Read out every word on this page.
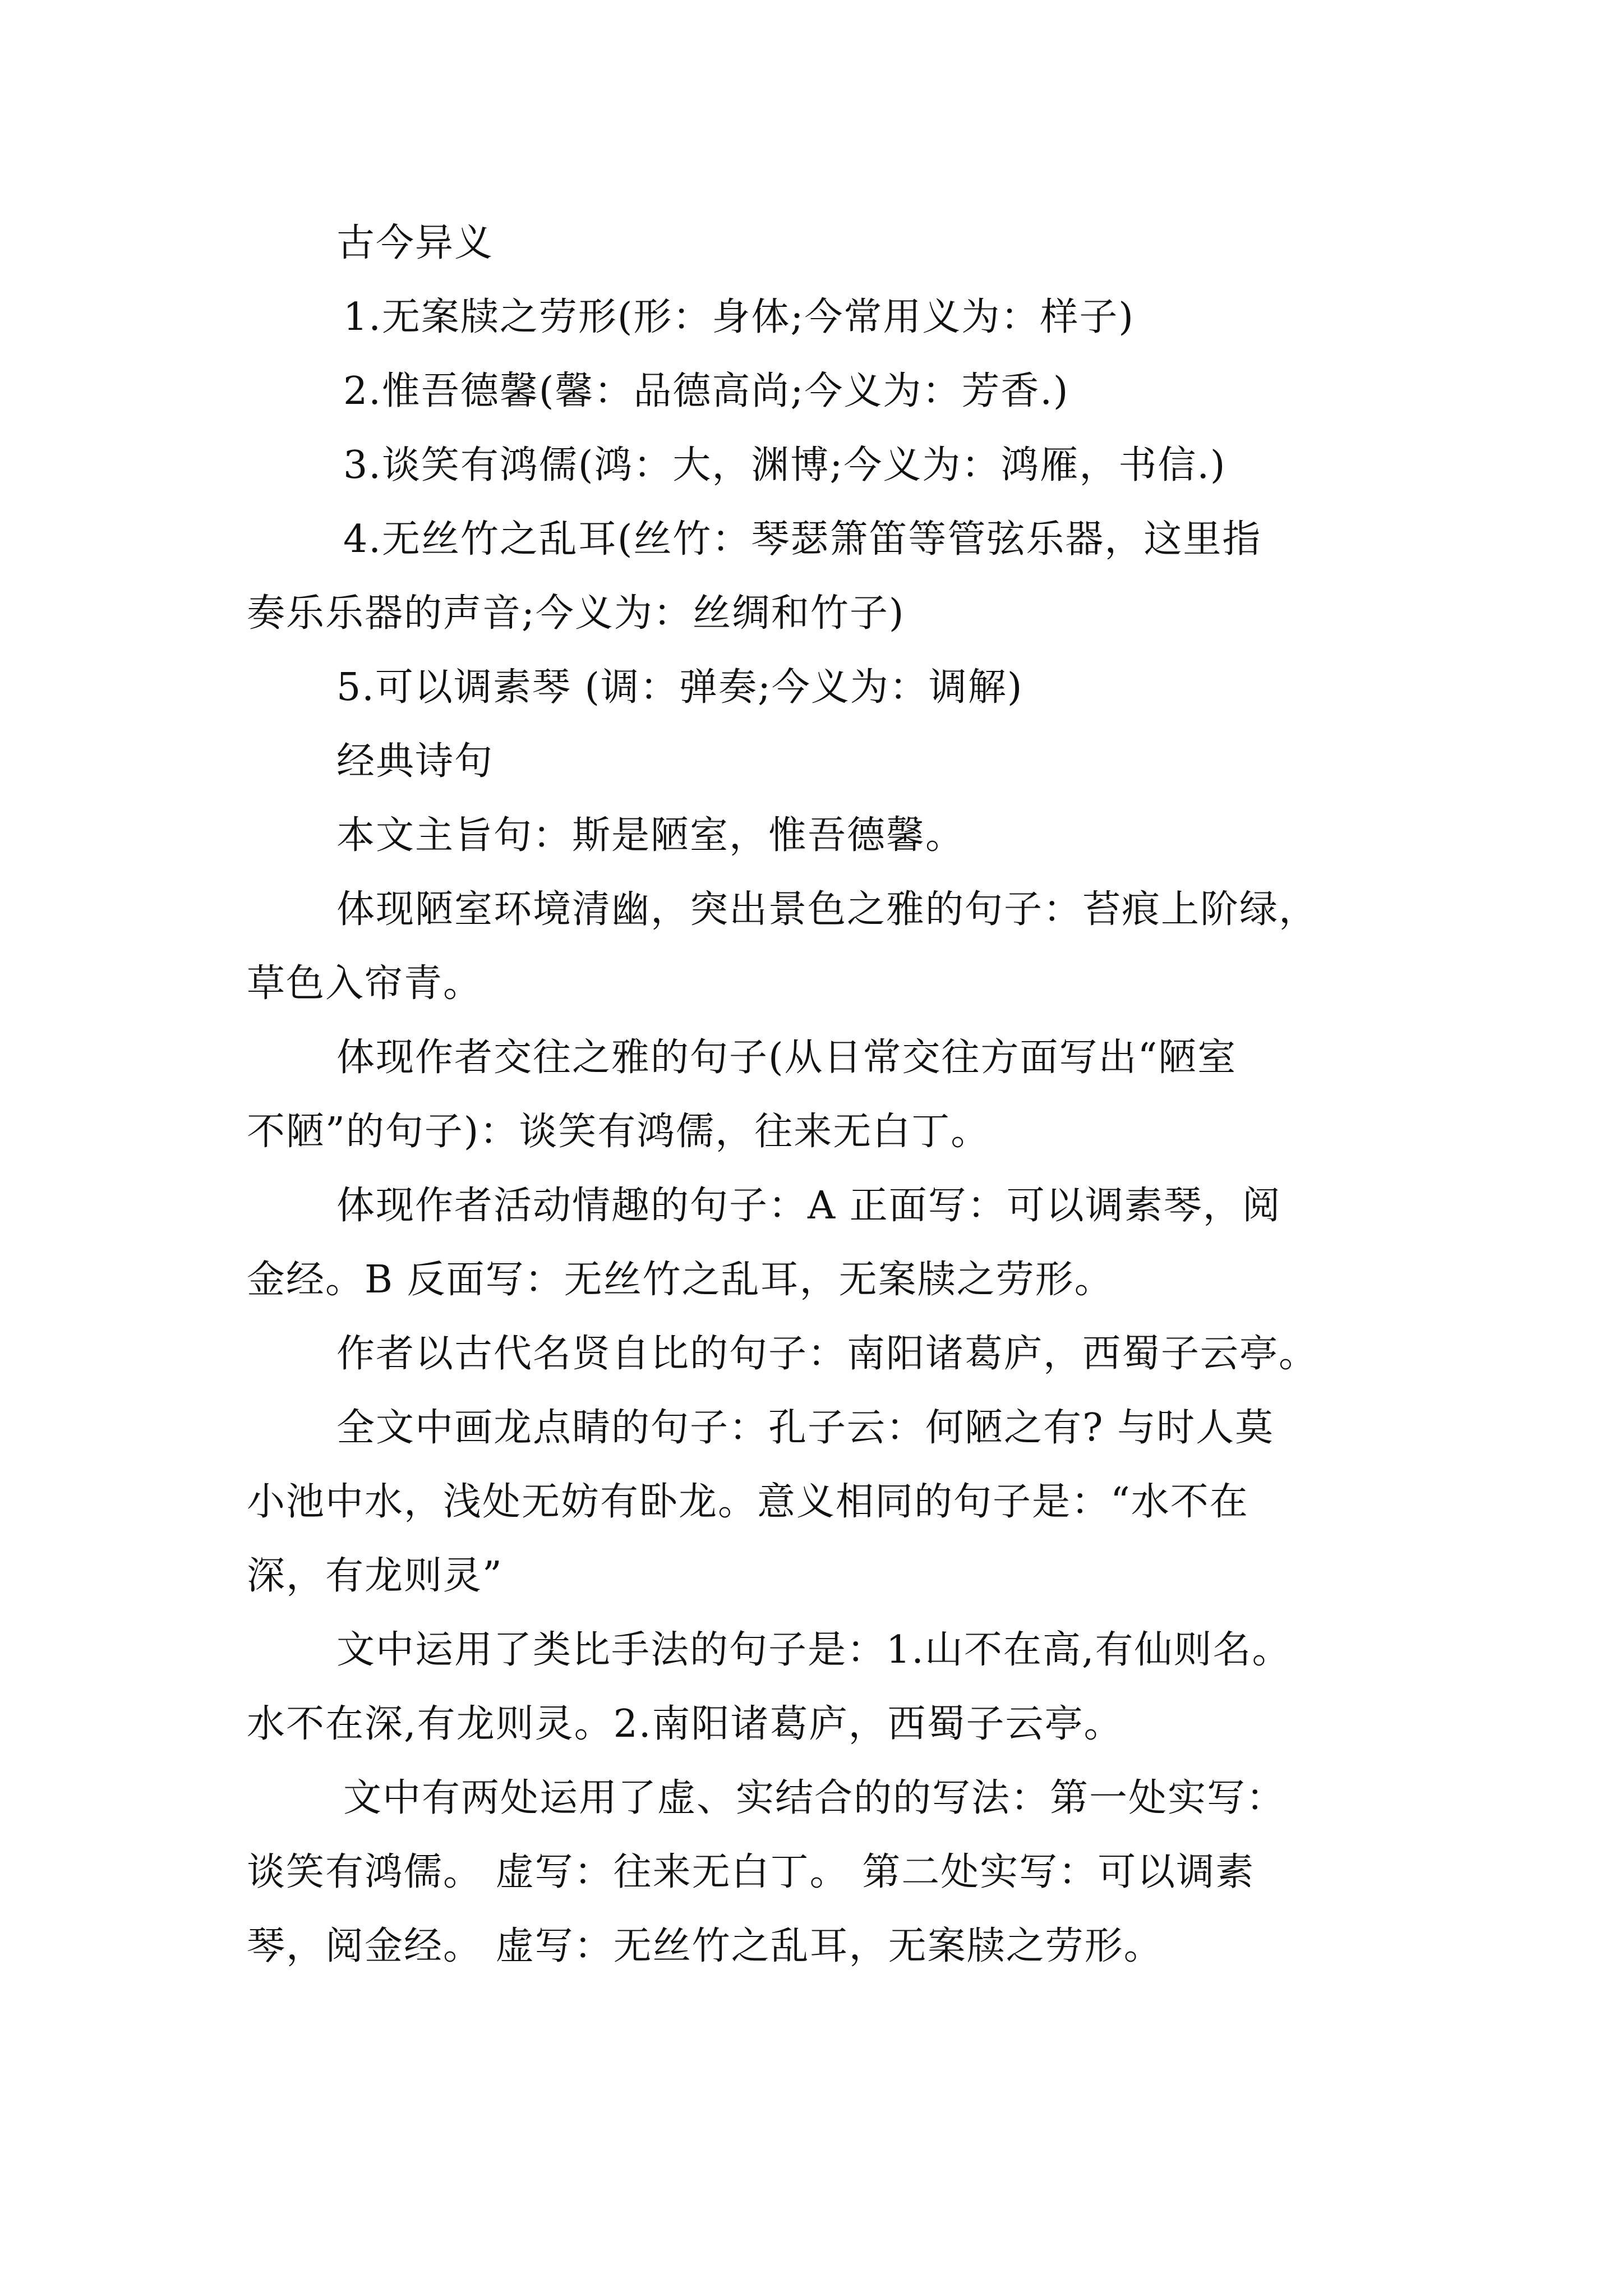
古今异义
1.无案牍之劳形(形：身体;今常用义为：样子)
2.惟吾德馨(馨：品德高尚;今义为：芳香.)
3.谈笑有鸿儒(鸿：大，渊博;今义为：鸿雁，书信.)
4.无丝竹之乱耳(丝竹：琴瑟箫笛等管弦乐器，这里指
奏乐乐器的声音;今义为：丝绸和竹子)
5.可以调素琴 (调：弹奏;今义为：调解)
经典诗句
本文主旨句：斯是陋室，惟吾德馨。
体现陋室环境清幽，突出景色之雅的句子：苔痕上阶绿，
草色入帘青。
体现作者交往之雅的句子(从日常交往方面写出“陋室
不陋”的句子)：谈笑有鸿儒，往来无白丁。
体现作者活动情趣的句子：A 正面写：可以调素琴，阅
金经。B 反面写：无丝竹之乱耳，无案牍之劳形。
作者以古代名贤自比的句子：南阳诸葛庐，西蜀子云亭。
全文中画龙点睛的句子：孔子云：何陋之有? 与时人莫
小池中水，浅处无妨有卧龙。意义相同的句子是：“水不在
深，有龙则灵”
文中运用了类比手法的句子是：1.山不在高,有仙则名。
水不在深,有龙则灵。2.南阳诸葛庐，西蜀子云亭。
文中有两处运用了虚、实结合的的写法：第一处实写：
谈笑有鸿儒。 虚写：往来无白丁。 第二处实写：可以调素
琴，阅金经。 虚写：无丝竹之乱耳，无案牍之劳形。
